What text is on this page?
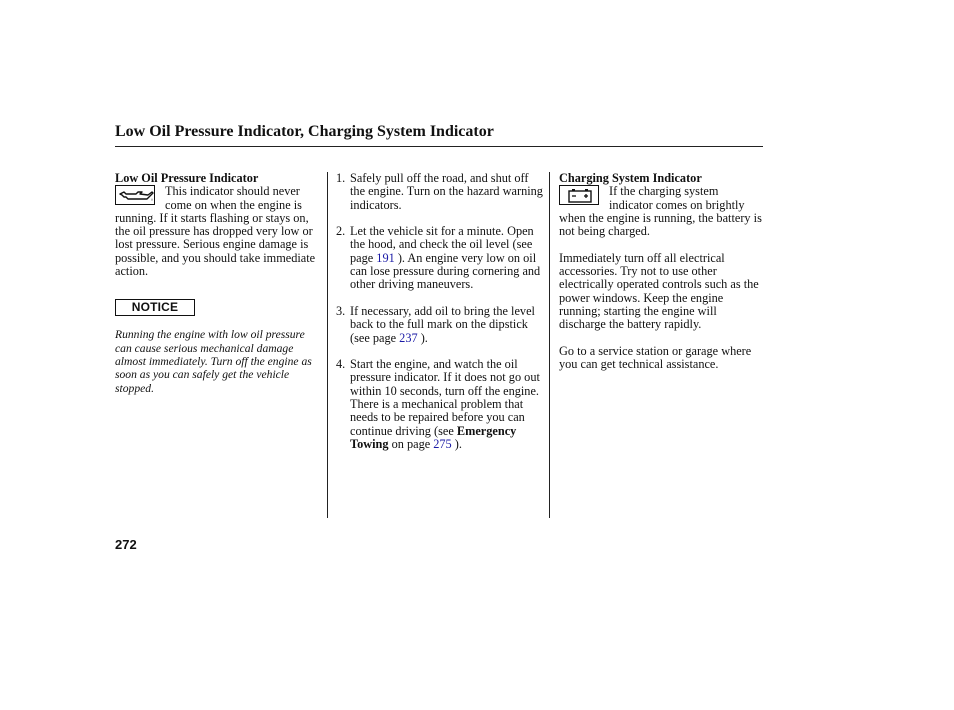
Low Oil Pressure Indicator, Charging System Indicator
Low Oil Pressure Indicator
This indicator should never
come on when the engine is running. If it starts flashing or stays on, the oil pressure has dropped very low or lost pressure. Serious engine damage is possible, and you should take immediate action.
NOTICE
Running the engine with low oil pressure can cause serious mechanical damage almost immediately. Turn off the engine as soon as you can safely get the vehicle stopped.
1. Safely pull off the road, and shut off the engine. Turn on the hazard warning indicators.
2. Let the vehicle sit for a minute. Open the hood, and check the oil level (see page 191 ). An engine very low on oil can lose pressure during cornering and other driving maneuvers.
3. If necessary, add oil to bring the level back to the full mark on the dipstick (see page 237 ).
4. Start the engine, and watch the oil pressure indicator. If it does not go out within 10 seconds, turn off the engine. There is a mechanical problem that needs to be repaired before you can continue driving (see Emergency Towing on page 275 ).
Charging System Indicator
If the charging system
indicator comes on brightly when the engine is running, the battery is not being charged.
Immediately turn off all electrical accessories. Try not to use other electrically operated controls such as the power windows. Keep the engine running; starting the engine will discharge the battery rapidly.
Go to a service station or garage where you can get technical assistance.
272
